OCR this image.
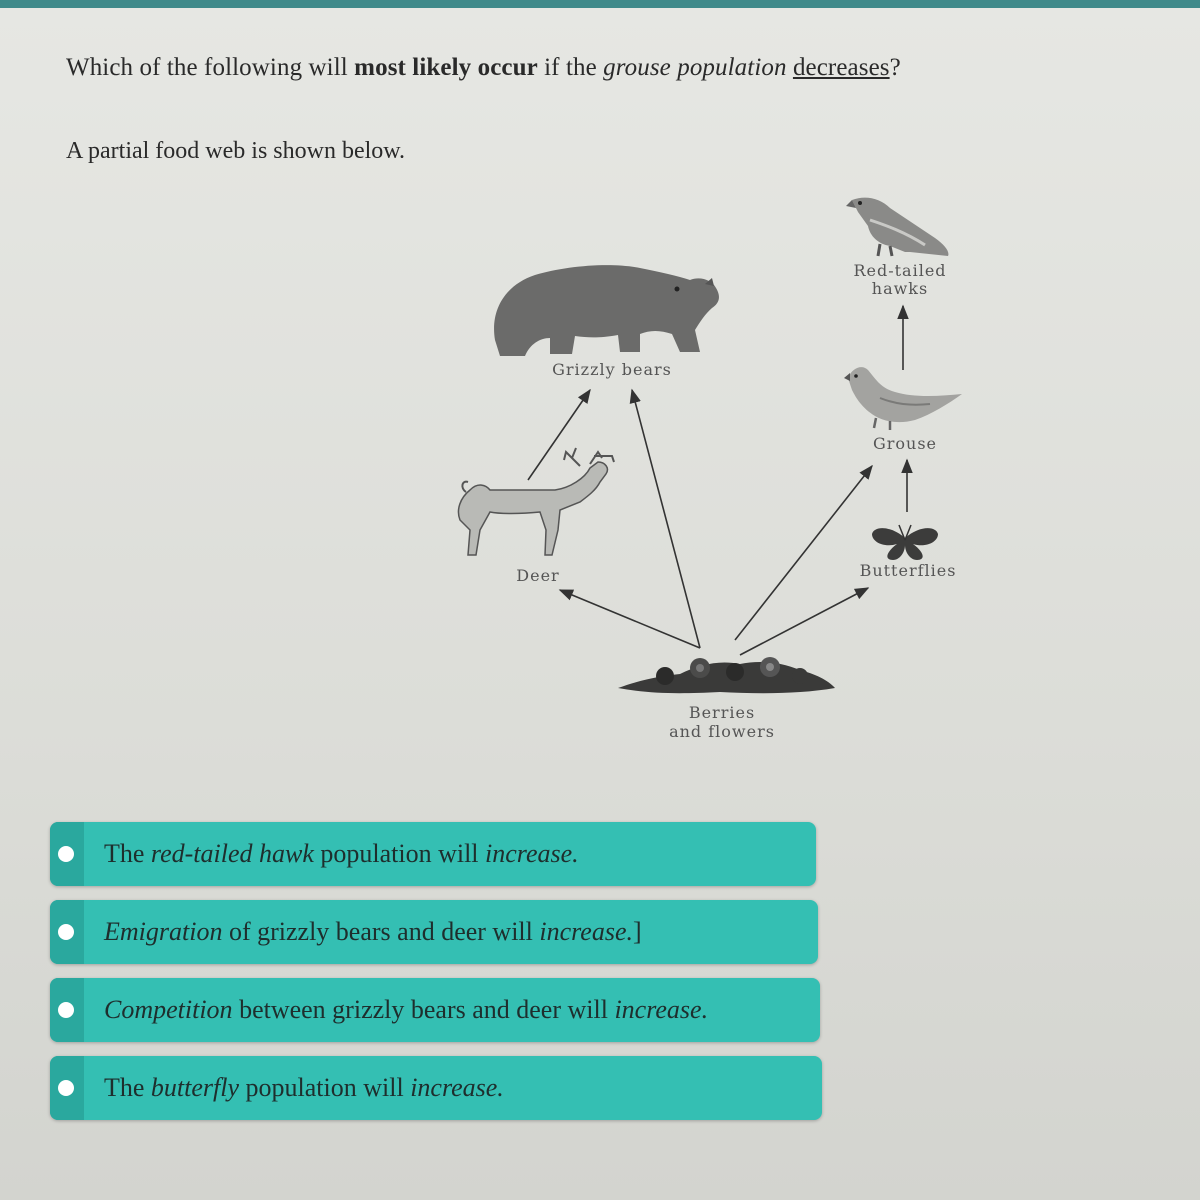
Which of the following will most likely occur if the grouse population decreases?
A partial food web is shown below.
Red-tailed
hawks
Grizzly bears
Grouse
Deer	Butterflies
Berries
and flowers
The red-tailed hawk population will increase.
Emigration of grizzly bears and deer will increase.]
Competition between grizzly bears and deer will increase.
The butterfly population will increase.
